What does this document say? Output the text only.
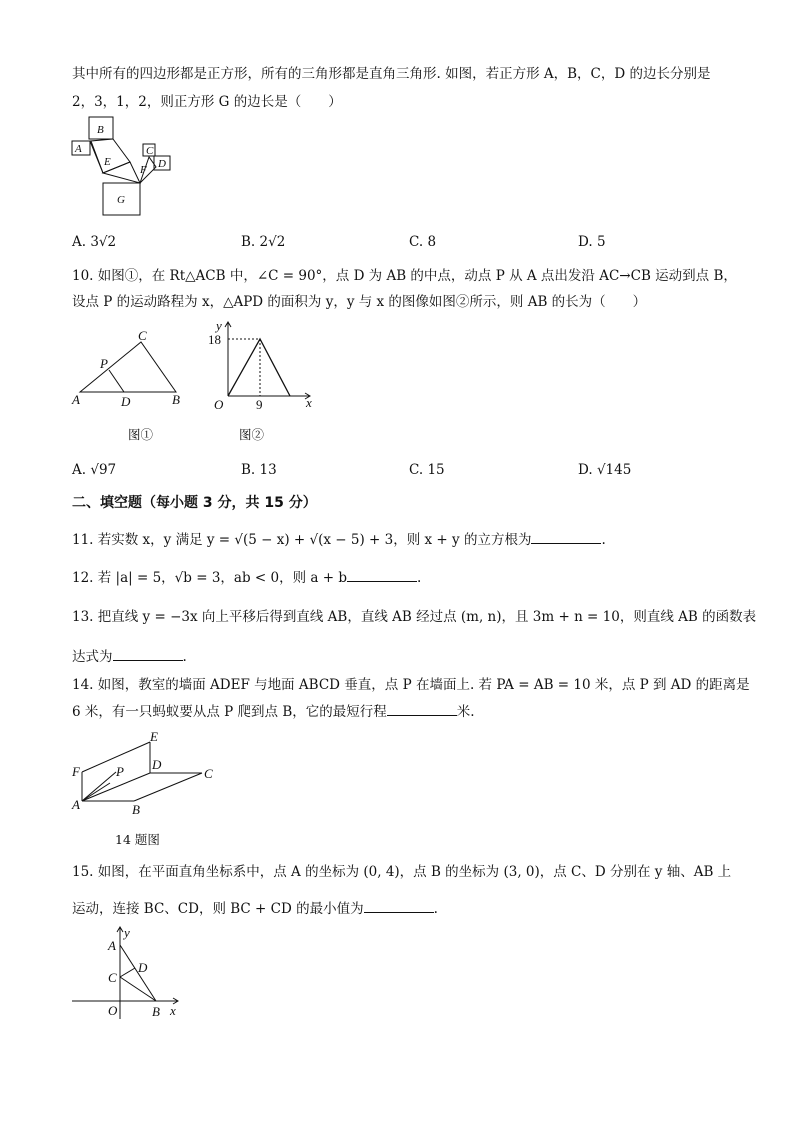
其中所有的四边形都是正方形，所有的三角形都是直角三角形. 如图，若正方形 A，B，C，D 的边长分别是
2，3，1，2，则正方形 G 的边长是（　　）
A
B
C
D
E
F
G
A. 3√2	B. 2√2	C. 8	D. 5
10. 如图①，在 Rt△ACB 中，∠C = 90°，点 D 为 AB 的中点，动点 P 从 A 点出发沿 AC→CB 运动到点 B，
设点 P 的运动路程为 x，△APD 的面积为 y，y 与 x 的图像如图②所示，则 AB 的长为（　　）
C
P
A	D	B
图①
y
18
O	9	x
图②
A. √97	B. 13	C. 15	D. √145
二、填空题（每小题 3 分，共 15 分）
11. 若实数 x，y 满足 y = √(5 − x) + √(x − 5) + 3，则 x + y 的立方根为	.
12. 若 |a| = 5，√b = 3，ab < 0，则 a + b	.
13. 把直线 y = −3x 向上平移后得到直线 AB，直线 AB 经过点 (m, n)，且 3m + n = 10，则直线 AB 的函数表
达式为	.
14. 如图，教室的墙面 ADEF 与地面 ABCD 垂直，点 P 在墙面上. 若 PA = AB = 10 米，点 P 到 AD 的距离是
6 米，有一只蚂蚁要从点 P 爬到点 B，它的最短行程	米.
E
F	P D
C
A	B
14 题图
15. 如图，在平面直角坐标系中，点 A 的坐标为 (0, 4)，点 B 的坐标为 (3, 0)，点 C、D 分别在 y 轴、AB 上
运动，连接 BC、CD，则 BC + CD 的最小值为	.
y
A
D
C
O	B x
